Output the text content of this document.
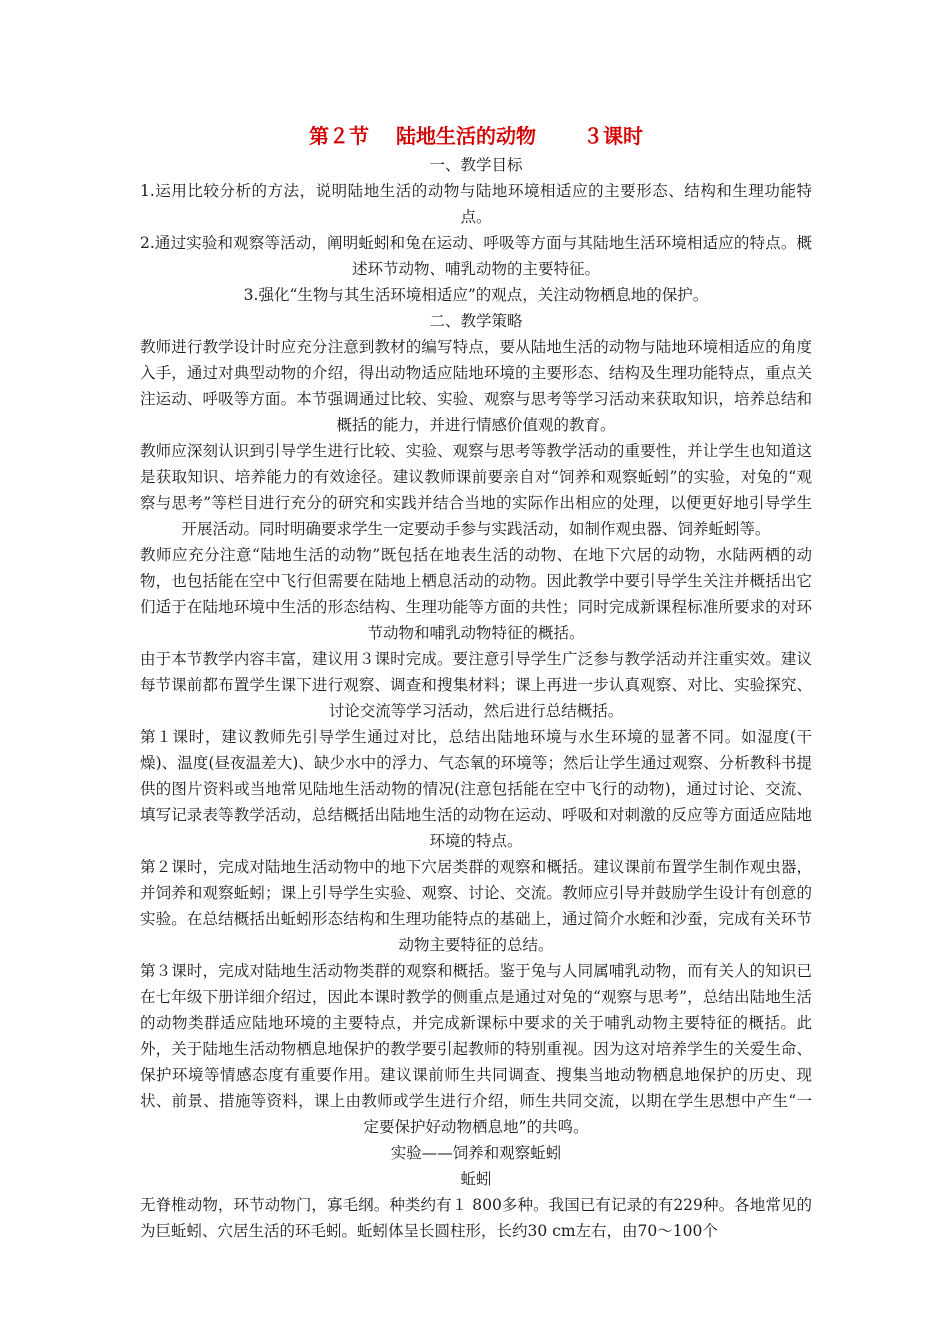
第２节　 陆地生活的动物　　 ３课时
一、教学目标

1.运用比较分析的方法，说明陆地生活的动物与陆地环境相适应的主要形态、结构和生理功能特点。

2.通过实验和观察等活动，阐明蚯蚓和兔在运动、呼吸等方面与其陆地生活环境相适应的特点。概述环节动物、哺乳动物的主要特征。

3.强化“生物与其生活环境相适应”的观点，关注动物栖息地的保护。

二、教学策略

教师进行教学设计时应充分注意到教材的编写特点，要从陆地生活的动物与陆地环境相适应的角度入手，通过对典型动物的介绍，得出动物适应陆地环境的主要形态、结构及生理功能特点，重点关注运动、呼吸等方面。本节强调通过比较、实验、观察与思考等学习活动来获取知识，培养总结和概括的能力，并进行情感价值观的教育。

教师应深刻认识到引导学生进行比较、实验、观察与思考等教学活动的重要性，并让学生也知道这是获取知识、培养能力的有效途径。建议教师课前要亲自对“饲养和观察蚯蚓”的实验，对兔的“观察与思考”等栏目进行充分的研究和实践并结合当地的实际作出相应的处理，以便更好地引导学生开展活动。同时明确要求学生一定要动手参与实践活动，如制作观虫器、饲养蚯蚓等。

教师应充分注意“陆地生活的动物”既包括在地表生活的动物、在地下穴居的动物，水陆两栖的动物，也包括能在空中飞行但需要在陆地上栖息活动的动物。因此教学中要引导学生关注并概括出它们适于在陆地环境中生活的形态结构、生理功能等方面的共性；同时完成新课程标准所要求的对环节动物和哺乳动物特征的概括。

由于本节教学内容丰富，建议用３课时完成。要注意引导学生广泛参与教学活动并注重实效。建议每节课前都布置学生课下进行观察、调查和搜集材料；课上再进一步认真观察、对比、实验探究、讨论交流等学习活动，然后进行总结概括。

第１课时，建议教师先引导学生通过对比，总结出陆地环境与水生环境的显著不同。如湿度(干燥)、温度(昼夜温差大)、缺少水中的浮力、气态氧的环境等；然后让学生通过观察、分析教科书提供的图片资料或当地常见陆地生活动物的情况(注意包括能在空中飞行的动物)，通过讨论、交流、填写记录表等教学活动，总结概括出陆地生活的动物在运动、呼吸和对刺激的反应等方面适应陆地环境的特点。

第２课时，完成对陆地生活动物中的地下穴居类群的观察和概括。建议课前布置学生制作观虫器，并饲养和观察蚯蚓；课上引导学生实验、观察、讨论、交流。教师应引导并鼓励学生设计有创意的实验。在总结概括出蚯蚓形态结构和生理功能特点的基础上，通过简介水蛭和沙蚕，完成有关环节动物主要特征的总结。

第３课时，完成对陆地生活动物类群的观察和概括。鉴于兔与人同属哺乳动物，而有关人的知识已在七年级下册详细介绍过，因此本课时教学的侧重点是通过对兔的“观察与思考”，总结出陆地生活的动物类群适应陆地环境的主要特点，并完成新课标中要求的关于哺乳动物主要特征的概括。此外，关于陆地生活动物栖息地保护的教学要引起教师的特别重视。因为这对培养学生的关爱生命、保护环境等情感态度有重要作用。建议课前师生共同调查、搜集当地动物栖息地保护的历史、现状、前景、措施等资料，课上由教师或学生进行介绍，师生共同交流，以期在学生思想中产生“一定要保护好动物栖息地”的共鸣。

实验——饲养和观察蚯蚓
蚯蚓

无脊椎动物，环节动物门，寡毛纲。种类约有１ 800多种。我国已有记录的有229种。各地常见的为巨蚯蚓、穴居生活的环毛蚓。蚯蚓体呈长圆柱形，长约30 cm左右，由70～100个
